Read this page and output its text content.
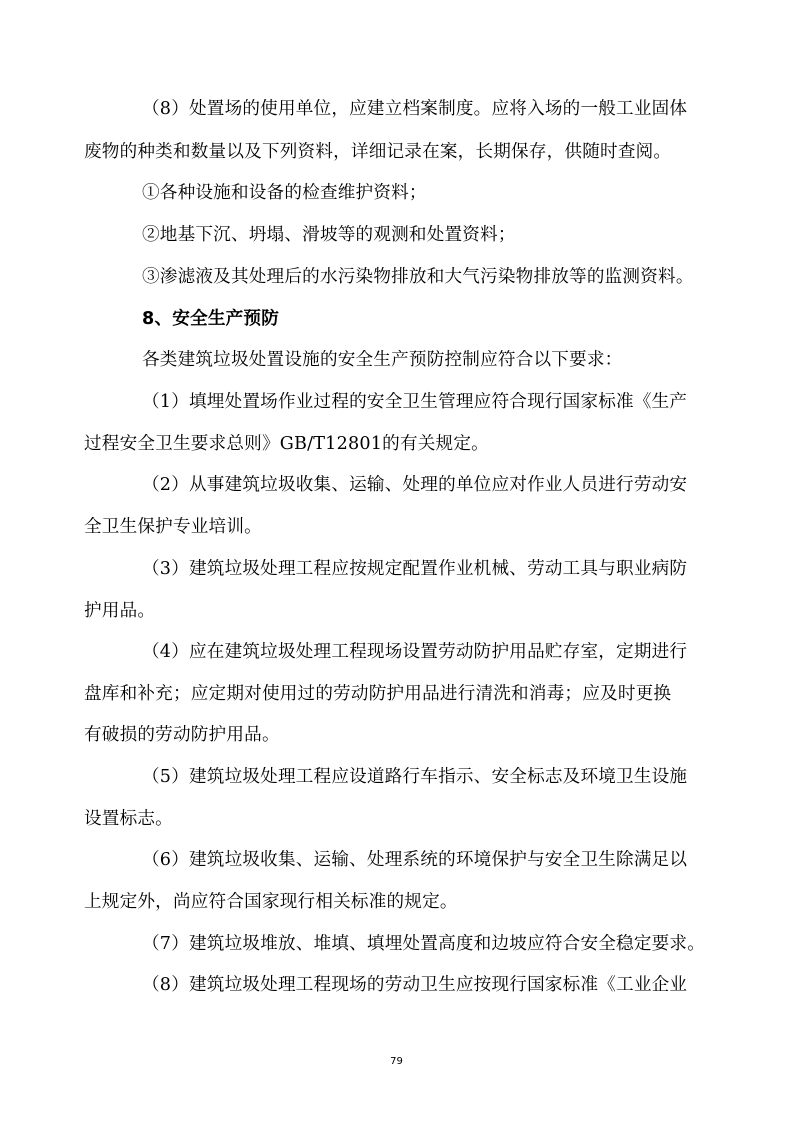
（8）处置场的使用单位，应建立档案制度。应将入场的一般工业固体
废物的种类和数量以及下列资料，详细记录在案，长期保存，供随时查阅。
①各种设施和设备的检查维护资料；
②地基下沉、坍塌、滑坡等的观测和处置资料；
③渗滤液及其处理后的水污染物排放和大气污染物排放等的监测资料。
8、安全生产预防
各类建筑垃圾处置设施的安全生产预防控制应符合以下要求：
（1）填埋处置场作业过程的安全卫生管理应符合现行国家标准《生产
过程安全卫生要求总则》GB/T12801的有关规定。
（2）从事建筑垃圾收集、运输、处理的单位应对作业人员进行劳动安
全卫生保护专业培训。
（3）建筑垃圾处理工程应按规定配置作业机械、劳动工具与职业病防
护用品。
（4）应在建筑垃圾处理工程现场设置劳动防护用品贮存室，定期进行
盘库和补充；应定期对使用过的劳动防护用品进行清洗和消毒；应及时更换
有破损的劳动防护用品。
（5）建筑垃圾处理工程应设道路行车指示、安全标志及环境卫生设施
设置标志。
（6）建筑垃圾收集、运输、处理系统的环境保护与安全卫生除满足以
上规定外，尚应符合国家现行相关标准的规定。
（7）建筑垃圾堆放、堆填、填埋处置高度和边坡应符合安全稳定要求。
（8）建筑垃圾处理工程现场的劳动卫生应按现行国家标准《工业企业
79
